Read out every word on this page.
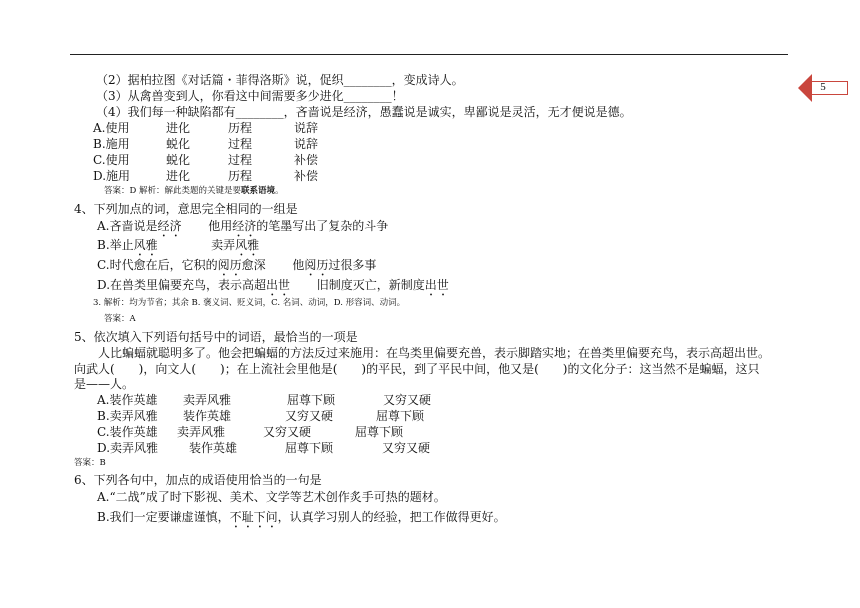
5
（2）据柏拉图《对话篇・菲得洛斯》说，促织________，变成诗人。
（3）从禽兽变到人，你看这中间需要多少进化________！
（4）我们每一种缺陷都有________，吝啬说是经济，愚蠢说是诚实，卑鄙说是灵活，无才便说是德。

A.使用

	进化

	历程

	说辞

B.施用

	蜕化

	过程

	说辞

C.使用

	蜕化

	过程

	补偿

D.施用

	进化

	历程

	补偿

答案：D 解析：解此类题的关键是要联系语境。
4、下列加点的词，意思完全相同的一组是
A.吝啬说是经济 他用经济的笔墨写出了复杂的斗争
B.举止风雅	卖弄风雅
C.时代愈在后，它积的阅历愈深 他阅历过很多事
D.在兽类里偏要充鸟，表示高超出世 旧制度灭亡，新制度出世
3. 解析：均为节省；其余 B. 褒义词、贬义词，C. 名词、动词，D. 形容词、动词。
答案：A
5、依次填入下列语句括号中的词语，最恰当的一项是
人比蝙蝠就聪明多了。他会把蝙蝠的方法反过来施用：在鸟类里偏要充兽，表示脚踏实地；在兽类里偏要充鸟，表示高超出世。
向武人(　　)，向文人(　　)；在上流社会里他是(　　)的平民，到了平民中间，他又是(　　)的文化分子：这当然不是蝙蝠，这只
是——人。

A.装作英雄

卖弄风雅

	屈尊下顾

	又穷又硬

B.卖弄风雅

装作英雄

	又穷又硬

	屈尊下顾

C.装作英雄

卖弄风雅

	又穷又硬

	屈尊下顾

D.卖弄风雅

	装作英雄

	屈尊下顾

	又穷又硬

答案：B
6、下列各句中，加点的成语使用恰当的一句是
A.“二战”成了时下影视、美术、文学等艺术创作炙手可热的题材。
B.我们一定要谦虚谨慎，不耻下问，认真学习别人的经验，把工作做得更好。
